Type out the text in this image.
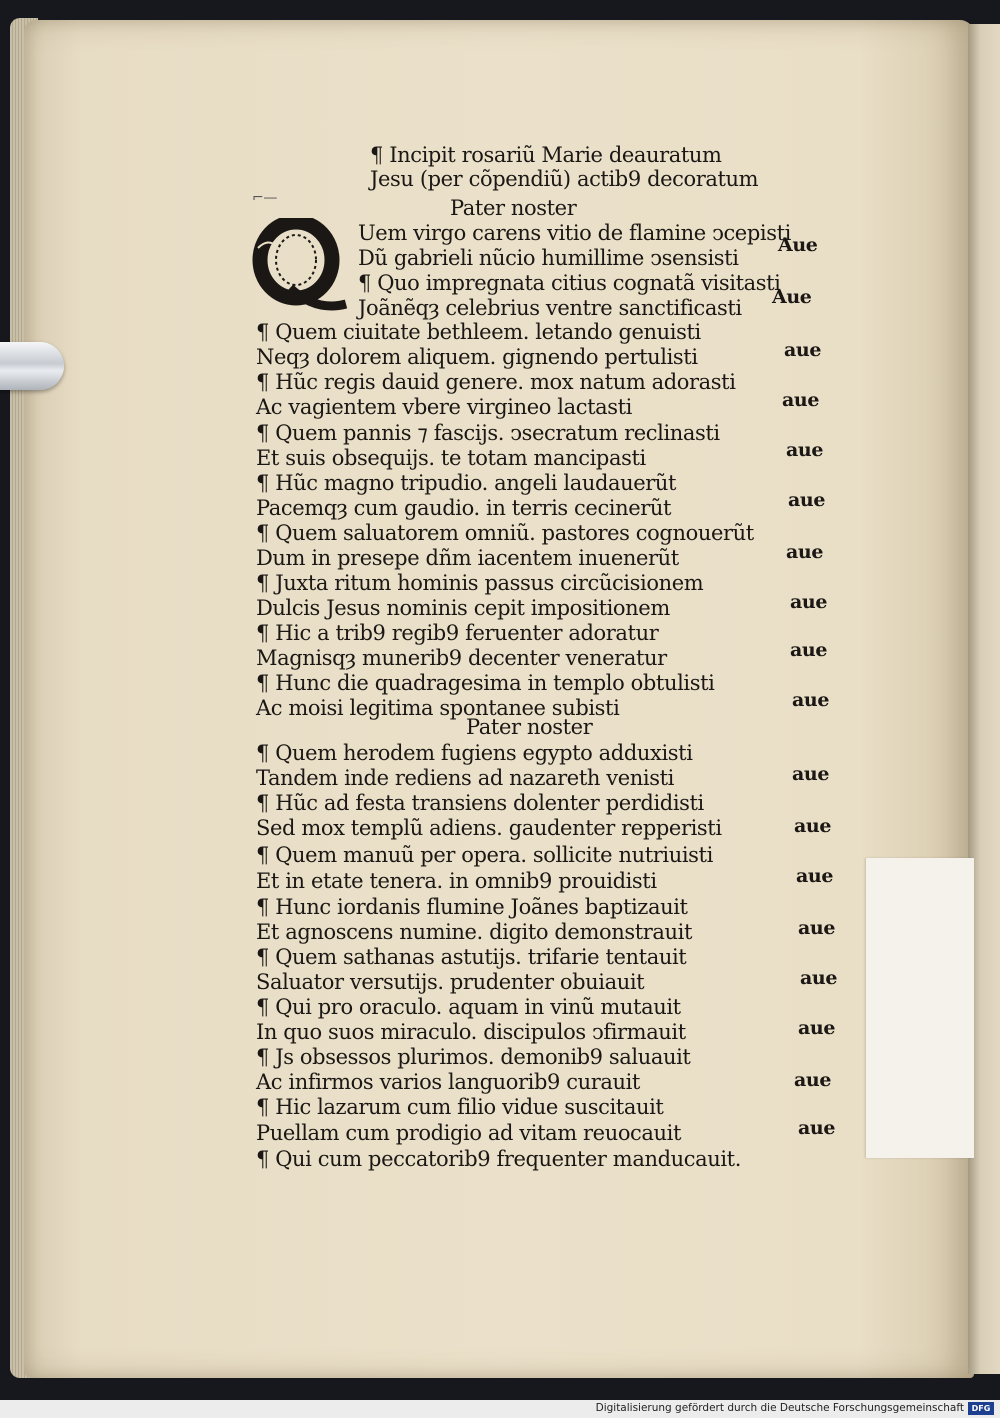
¶ Incipit rosariũ Marie deauratum
Jesu (per cõpendiũ) actib9 decoratum
⌐—	Pater noster
Q	Uem virgo carens vitio de flamine ↄcepisti
Dũ gabrieli nũcio humillime ↄsensisti
¶ Quo impregnata citius cognatã visitasti
Joãnẽqȝ celebrius ventre sanctificasti
¶ Quem ciuitate bethleem. letando genuisti
Neqȝ dolorem aliquem. gignendo pertulisti
¶ Hũc regis dauid genere. mox natum adorasti
Ac vagientem vbere virgineo lactasti
¶ Quem pannis ⁊ fascijs. ↄsecratum reclinasti
Et suis obsequijs. te totam mancipasti
¶ Hũc magno tripudio. angeli laudauerũt
Pacemqȝ cum gaudio. in terris cecinerũt
¶ Quem saluatorem omniũ. pastores cognouerũt
Dum in presepe dñm iacentem inuenerũt
¶ Juxta ritum hominis passus circũcisionem
Dulcis Jesus nominis cepit impositionem
¶ Hic a trib9 regib9 feruenter adoratur
Magnisqȝ munerib9 decenter veneratur
¶ Hunc die quadragesima in templo obtulisti
Ac moisi legitima spontanee subisti
Pater noster
¶ Quem herodem fugiens egypto adduxisti
Tandem inde rediens ad nazareth venisti
¶ Hũc ad festa transiens dolenter perdidisti
Sed mox templũ adiens. gaudenter repperisti
¶ Quem manuũ per opera. sollicite nutriuisti
Et in etate tenera. in omnib9 prouidisti
¶ Hunc iordanis flumine Joãnes baptizauit
Et agnoscens numine. digito demonstrauit
¶ Quem sathanas astutijs. trifarie tentauit
Saluator versutijs. prudenter obuiauit
¶ Qui pro oraculo. aquam in vinũ mutauit
In quo suos miraculo. discipulos ↄfirmauit
¶ Js obsessos plurimos. demonib9 saluauit
Ac infirmos varios languorib9 curauit
¶ Hic lazarum cum filio vidue suscitauit
Puellam cum prodigio ad vitam reuocauit
¶ Qui cum peccatorib9 frequenter manducauit.
Aue
Aue
aue
aue
aue
aue
aue
aue
aue
aue
aue
aue
aue
aue
aue
aue
aue
aue
Digitalisierung gefördert durch die Deutsche Forschungsgemeinschaft DFG
